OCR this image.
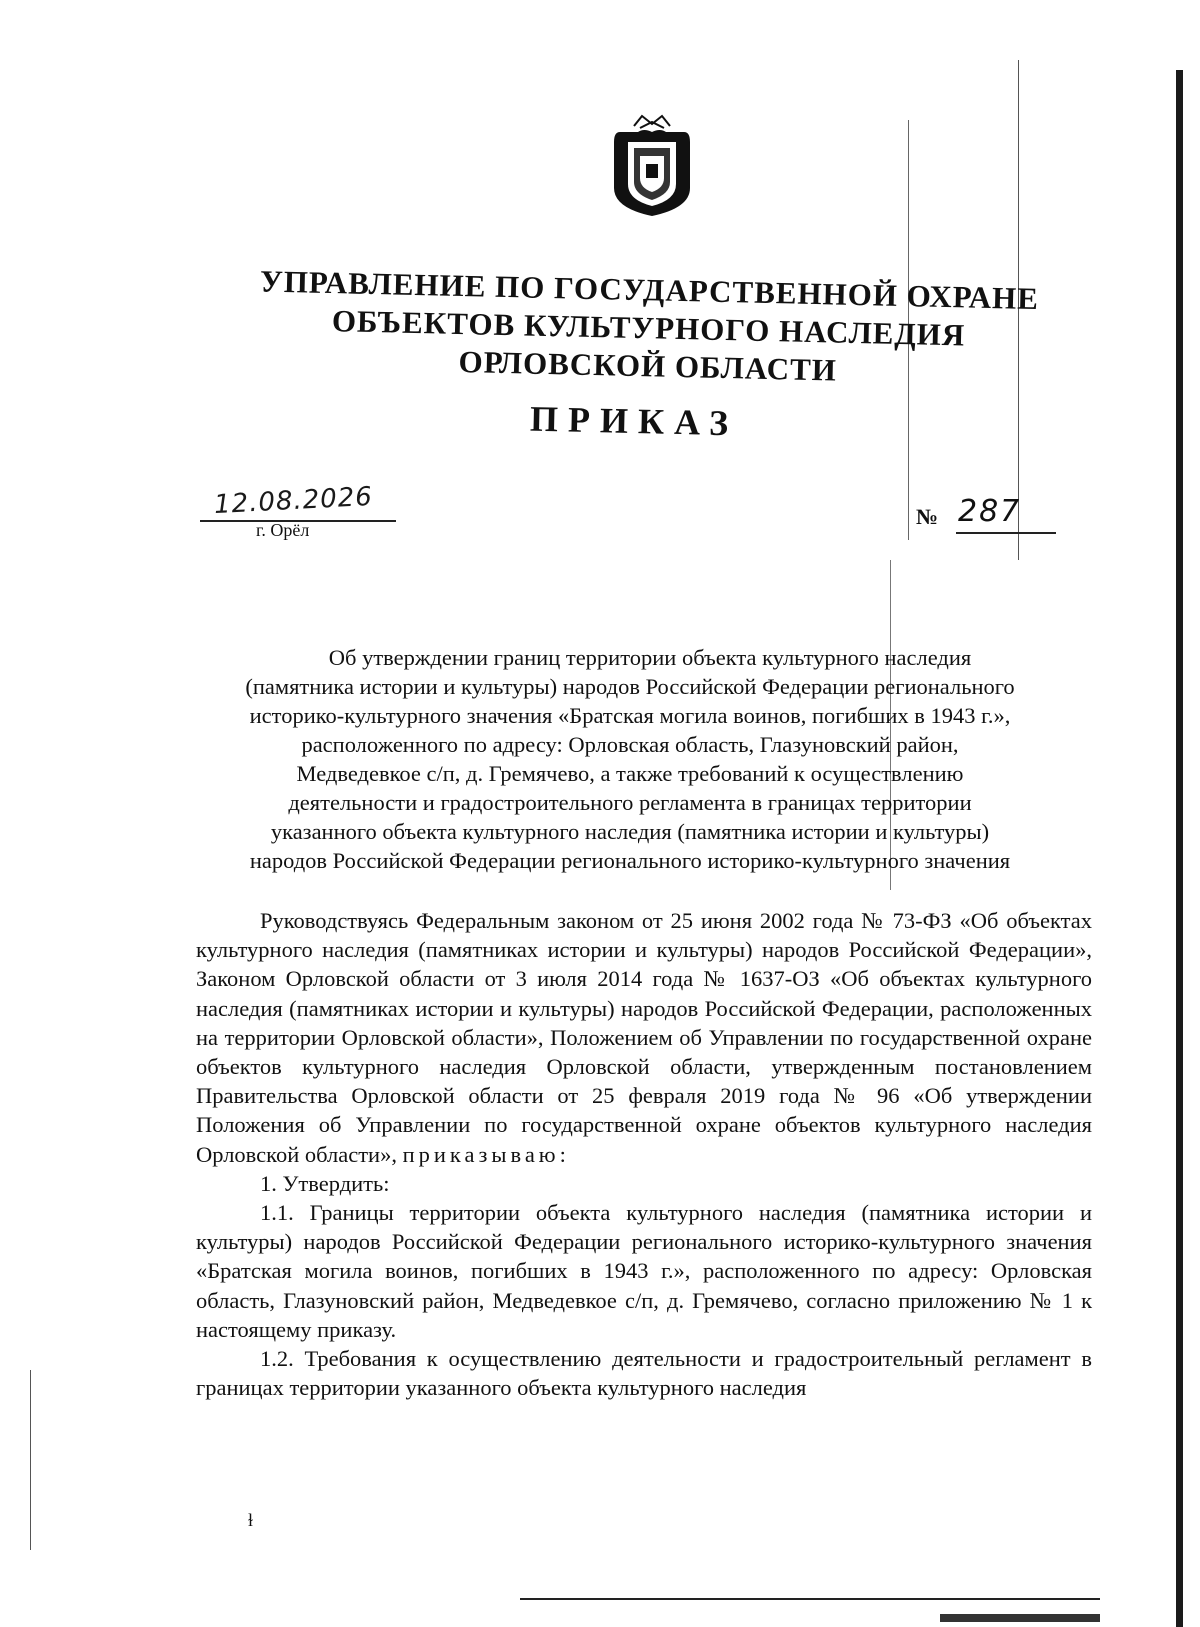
УПРАВЛЕНИЕ ПО ГОСУДАРСТВЕННОЙ ОХРАНЕ
ОБЪЕКТОВ КУЛЬТУРНОГО НАСЛЕДИЯ
ОРЛОВСКОЙ ОБЛАСТИ
ПРИКАЗ
12.08.2026
г. Орёл
№ 287
Об утверждении границ территории объекта культурного наследия
(памятника истории и культуры) народов Российской Федерации регионального
историко-культурного значения «Братская могила воинов, погибших в 1943 г.»,
расположенного по адресу: Орловская область, Глазуновский район,
Медведевкое с/п, д. Гремячево, а также требований к осуществлению
деятельности и градостроительного регламента в границах территории
указанного объекта культурного наследия (памятника истории и культуры)
народов Российской Федерации регионального историко-культурного значения

Руководствуясь Федеральным законом от 25 июня 2002 года № 73-ФЗ «Об объектах культурного наследия (памятниках истории и культуры) народов Российской Федерации», Законом Орловской области от 3 июля 2014 года № 1637-ОЗ «Об объектах культурного наследия (памятниках истории и культуры) народов Российской Федерации, расположенных на территории Орловской области», Положением об Управлении по государственной охране объектов культурного наследия Орловской области, утвержденным постановлением Правительства Орловской области от 25 февраля 2019 года № 96 «Об утверждении Положения об Управлении по государственной охране объектов культурного наследия Орловской области», приказываю:

1. Утвердить:

1.1. Границы территории объекта культурного наследия (памятника истории и культуры) народов Российской Федерации регионального историко-культурного значения «Братская могила воинов, погибших в 1943 г.», расположенного по адресу: Орловская область, Глазуновский район, Медведевкое с/п, д. Гремячево, согласно приложению № 1 к настоящему приказу.

1.2. Требования к осуществлению деятельности и градостроительный регламент в границах территории указанного объекта культурного наследия

ɫ
